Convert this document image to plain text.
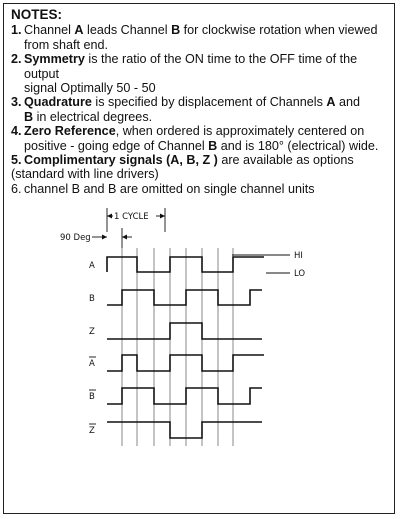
NOTES:
1. Channel A leads Channel B for clockwise rotation when viewed
from shaft end.
2. Symmetry is the ratio of the ON time to the OFF time of the output
signal Optimally 50 - 50
3. Quadrature is specified by displacement of Channels A and
B in electrical degrees.
4. Zero Reference, when ordered is approximately centered on
positive - going edge of Channel B and is 180° (electrical) wide.
5. Complimentary signals (A, B, Z ) are available as options
(standard with line drivers)
6. channel B and B are omitted on single channel units
1 CYCLE
90 Deg
HI
LO
A
B
Z
A
B
Z
